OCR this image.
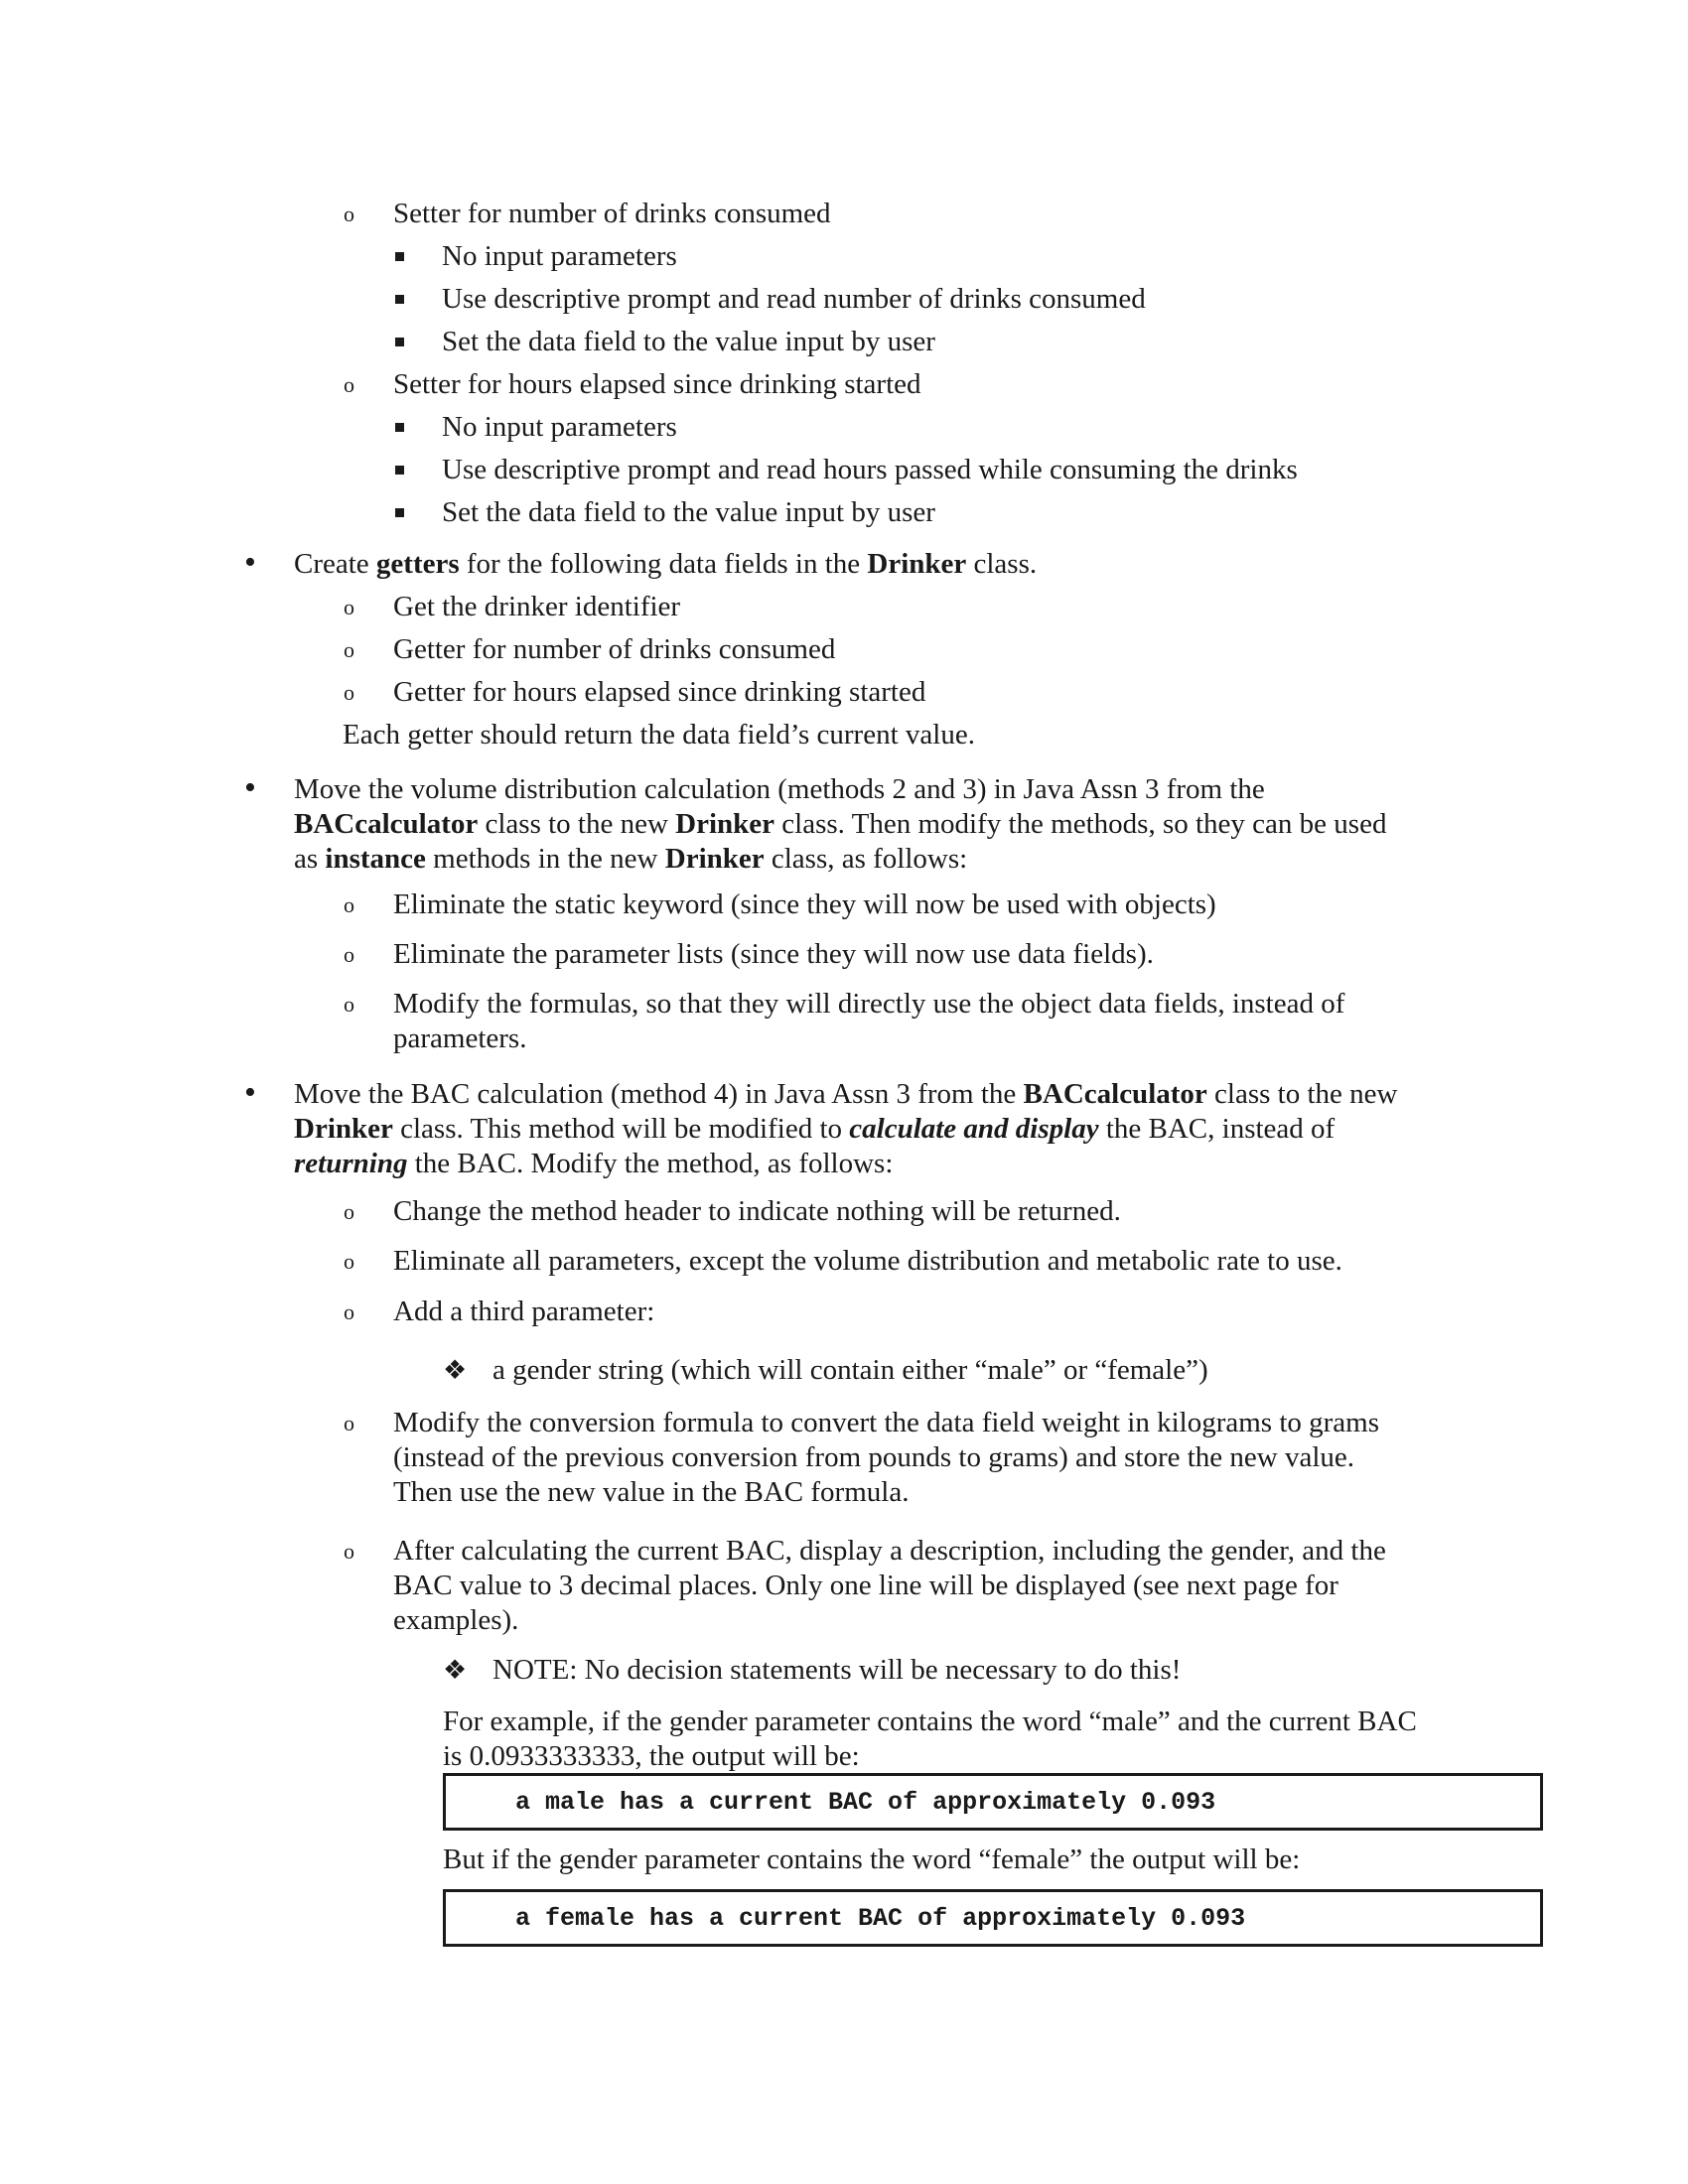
o Setter for number of drinks consumed
No input parameters
Use descriptive prompt and read number of drinks consumed
Set the data field to the value input by user
o Setter for hours elapsed since drinking started
No input parameters
Use descriptive prompt and read hours passed while consuming the drinks
Set the data field to the value input by user
• Create getters for the following data fields in the Drinker class.
o Get the drinker identifier
o Getter for number of drinks consumed
o Getter for hours elapsed since drinking started
Each getter should return the data field’s current value.
• Move the volume distribution calculation (methods 2 and 3) in Java Assn 3 from the
BACcalculator class to the new Drinker class. Then modify the methods, so they can be used
as instance methods in the new Drinker class, as follows:
o Eliminate the static keyword (since they will now be used with objects)
o Eliminate the parameter lists (since they will now use data fields).
o Modify the formulas, so that they will directly use the object data fields, instead of
parameters.
• Move the BAC calculation (method 4) in Java Assn 3 from the BACcalculator class to the new
Drinker class. This method will be modified to calculate and display the BAC, instead of
returning the BAC. Modify the method, as follows:
o Change the method header to indicate nothing will be returned.
o Eliminate all parameters, except the volume distribution and metabolic rate to use.
o Add a third parameter:
❖ a gender string (which will contain either “male” or “female”)
o Modify the conversion formula to convert the data field weight in kilograms to grams
(instead of the previous conversion from pounds to grams) and store the new value.
Then use the new value in the BAC formula.
o After calculating the current BAC, display a description, including the gender, and the
BAC value to 3 decimal places. Only one line will be displayed (see next page for
examples).
❖ NOTE: No decision statements will be necessary to do this!
For example, if the gender parameter contains the word “male” and the current BAC
is 0.0933333333, the output will be:
a male has a current BAC of approximately 0.093
But if the gender parameter contains the word “female” the output will be:
a female has a current BAC of approximately 0.093
